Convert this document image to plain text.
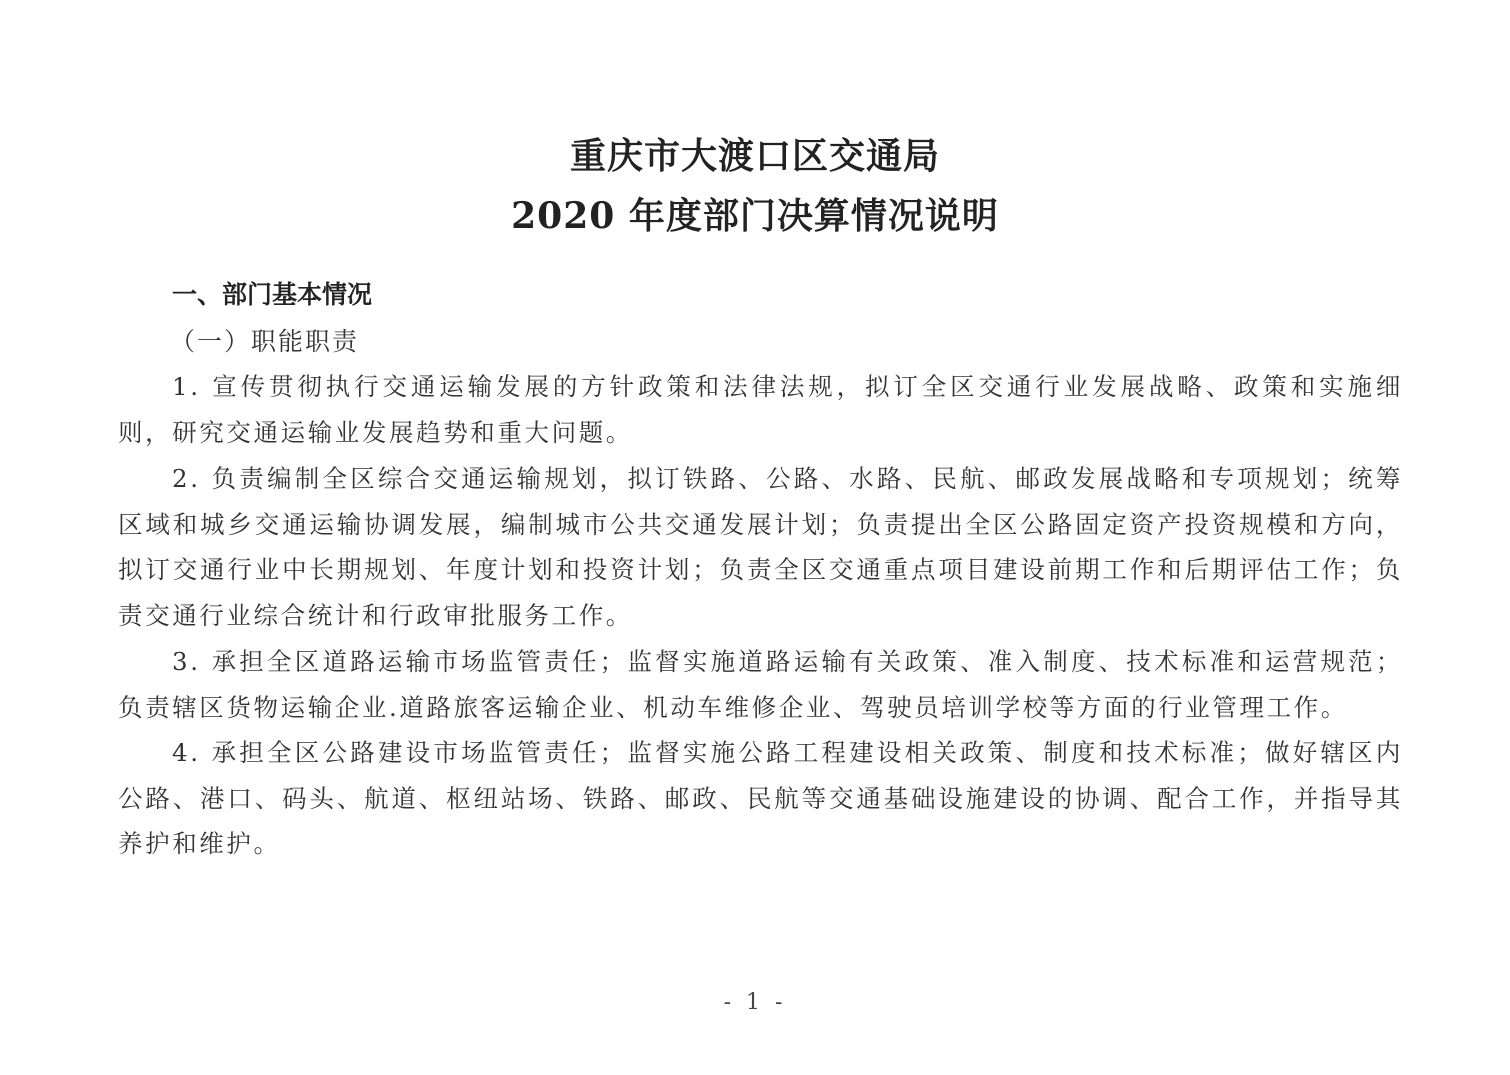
重庆市大渡口区交通局
2020 年度部门决算情况说明
一、部门基本情况
（一）职能职责
1. 宣传贯彻执行交通运输发展的方针政策和法律法规，拟订全区交通行业发展战略、政策和实施细则，研究交通运输业发展趋势和重大问题。
2. 负责编制全区综合交通运输规划，拟订铁路、公路、水路、民航、邮政发展战略和专项规划；统筹区域和城乡交通运输协调发展，编制城市公共交通发展计划；负责提出全区公路固定资产投资规模和方向，拟订交通行业中长期规划、年度计划和投资计划；负责全区交通重点项目建设前期工作和后期评估工作；负责交通行业综合统计和行政审批服务工作。
3. 承担全区道路运输市场监管责任；监督实施道路运输有关政策、准入制度、技术标准和运营规范； 负责辖区货物运输企业.道路旅客运输企业、机动车维修企业、驾驶员培训学校等方面的行业管理工作。
4. 承担全区公路建设市场监管责任；监督实施公路工程建设相关政策、制度和技术标准；做好辖区内公路、港口、码头、航道、枢纽站场、铁路、邮政、民航等交通基础设施建设的协调、配合工作，并指导其养护和维护。
- 1 -
